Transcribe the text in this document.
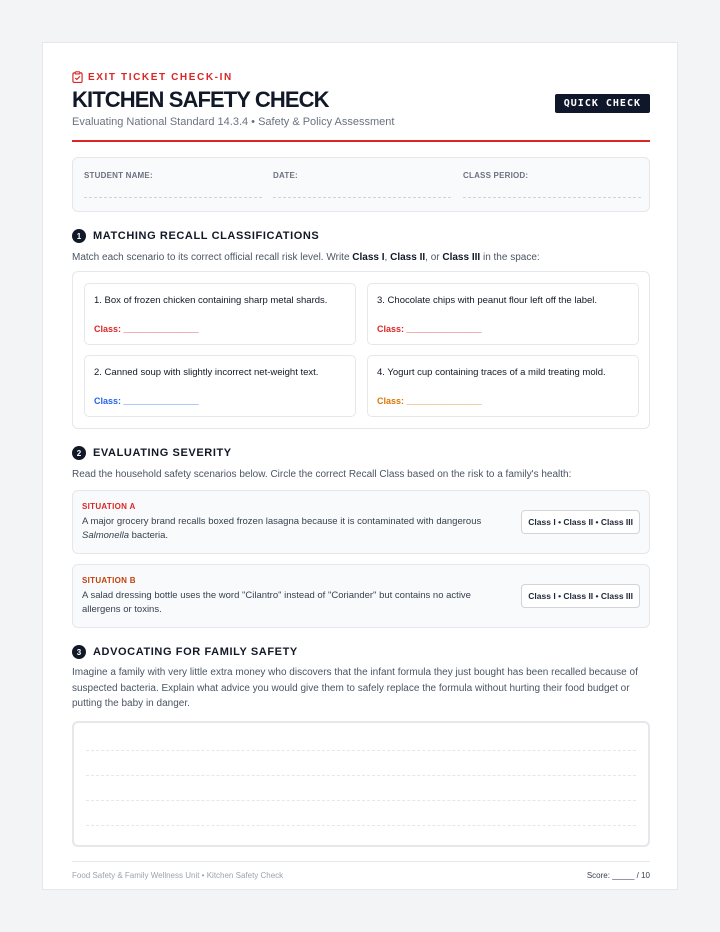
EXIT TICKET CHECK-IN
KITCHEN SAFETY CHECK
Evaluating National Standard 14.3.4 • Safety & Policy Assessment
QUICK CHECK
STUDENT NAME:	DATE:	CLASS PERIOD:
1	MATCHING RECALL CLASSIFICATIONS
Match each scenario to its correct official recall risk level. Write Class I, Class II, or Class III in the space:
1. Box of frozen chicken containing sharp metal shards.
Class: _______________
3. Chocolate chips with peanut flour left off the label.
Class: _______________
2. Canned soup with slightly incorrect net-weight text.
Class: _______________
4. Yogurt cup containing traces of a mild treating mold.
Class: _______________
2	EVALUATING SEVERITY
Read the household safety scenarios below. Circle the correct Recall Class based on the risk to a family's health:
SITUATION A
A major grocery brand recalls boxed frozen lasagna because it is contaminated with dangerous Salmonella bacteria.
Class I • Class II • Class III
SITUATION B
A salad dressing bottle uses the word "Cilantro" instead of "Coriander" but contains no active allergens or toxins.
Class I • Class II • Class III
3	ADVOCATING FOR FAMILY SAFETY
Imagine a family with very little extra money who discovers that the infant formula they just bought has been recalled because of suspected bacteria. Explain what advice you would give them to safely replace the formula without hurting their food budget or putting the baby in danger.
Food Safety & Family Wellness Unit • Kitchen Safety Check	Score: _____ / 10
